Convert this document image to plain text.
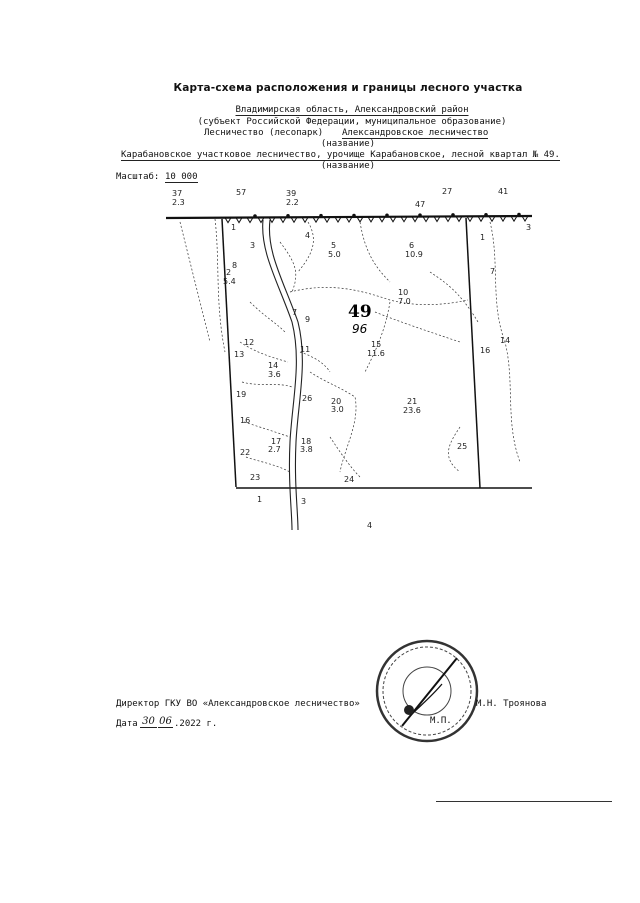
Карта-схема расположения и границы лесного участка
Владимирская область, Александровский район
(субъект Российской Федерации, муниципальное образование)
Лесничество (лесопарк) Александровское лесничество
(название)
Карабановское участковое лесничество, урочище Карабановское, лесной квартал № 49.
(название)
Масштаб: 10 000
37
2.3
57	39
2.2	47
27	41
1
3
4
5
5.0
6
10.9
1
3
2
5.4
8
7
10
7.0
7
9 49
96
15
11.6
12
13
11
14
3.6
16
14
19	26 20
3.0
21
23.6
16
22
17
2.7
18
3.8	25
23	24
1	3
4
Директор ГКУ ВО «Александровское лесничество»	М.Н. Троянова
Дата 30 06 .2022 г.	М.П.
